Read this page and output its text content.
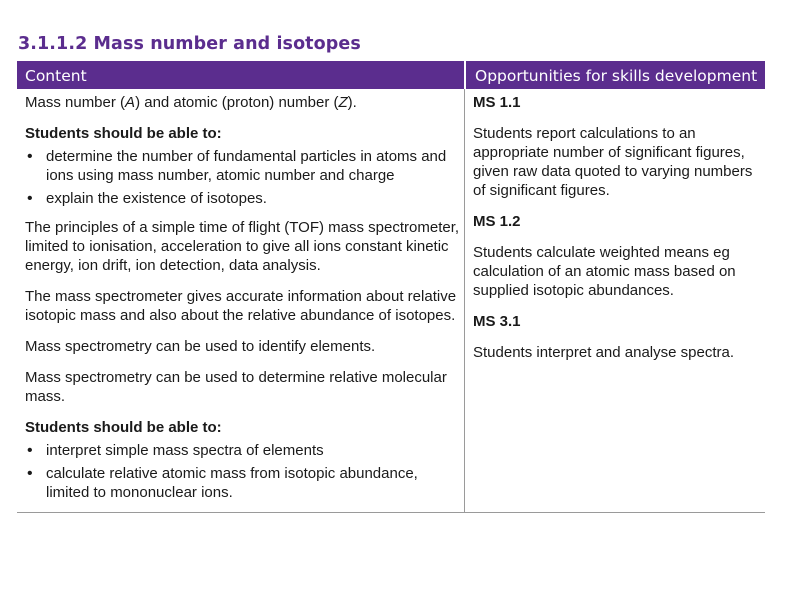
3.1.1.2 Mass number and isotopes
Content	Opportunities for skills development

Mass number (A) and atomic (proton) number (Z).

Students should be able to:

• determine the number of fundamental particles in atoms and ions using mass number, atomic number and charge
• explain the existence of isotopes.

The principles of a simple time of flight (TOF) mass spectrometer, limited to ionisation, acceleration to give all ions constant kinetic energy, ion drift, ion detection, data analysis.

The mass spectrometer gives accurate information about relative isotopic mass and also about the relative abundance of isotopes.

Mass spectrometry can be used to identify elements.

Mass spectrometry can be used to determine relative molecular mass.

Students should be able to:

• interpret simple mass spectra of elements
• calculate relative atomic mass from isotopic abundance, limited to mononuclear ions.
MS 1.1
Students report calculations to an appropriate number of significant figures, given raw data quoted to varying numbers of significant figures.
MS 1.2
Students calculate weighted means eg calculation of an atomic mass based on supplied isotopic abundances.
MS 3.1
Students interpret and analyse spectra.
